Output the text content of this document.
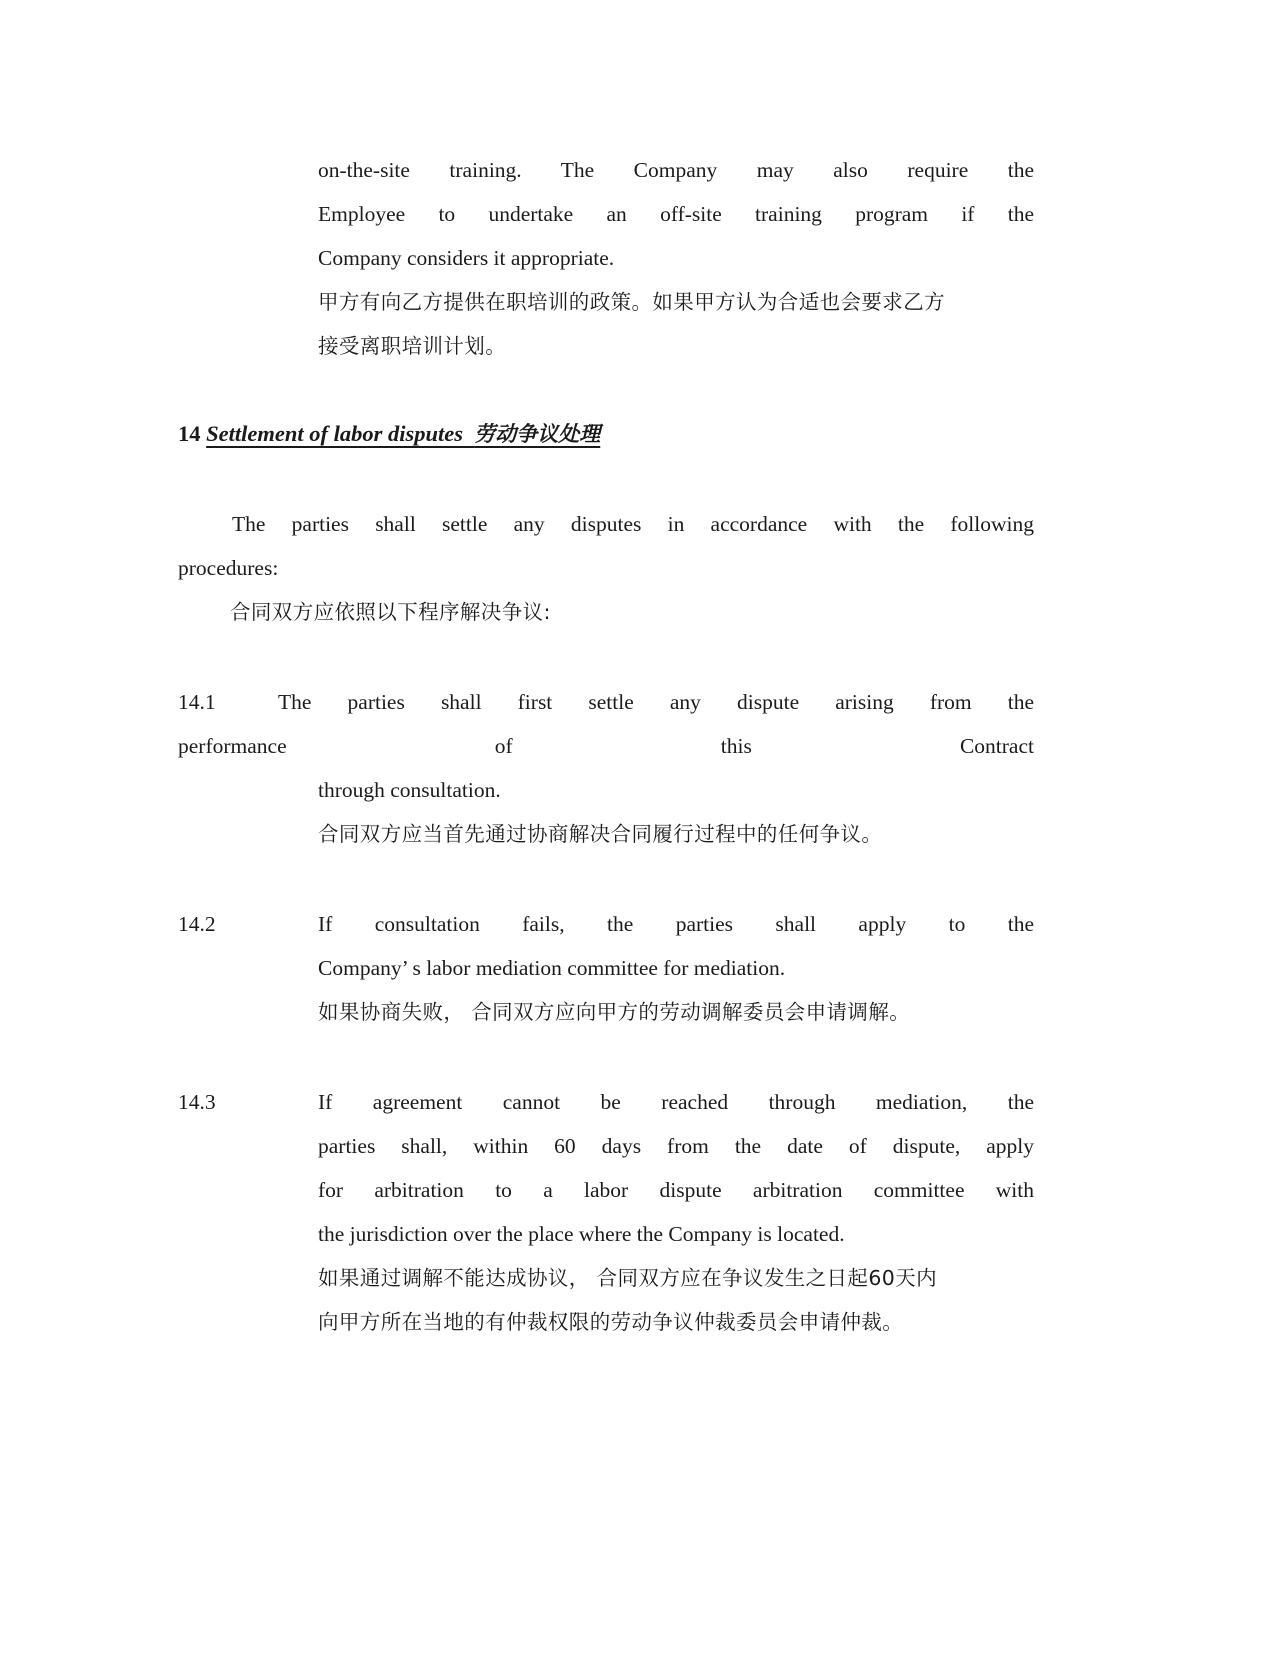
on-the-site training. The Company may also require the
Employee to undertake an off-site training program if the
Company considers it appropriate.
甲方有向乙方提供在职培训的政策。如果甲方认为合适也会要求乙方
接受离职培训计划。
14 Settlement of labor disputes 劳动争议处理
The parties shall settle any disputes in accordance with the following
procedures:
合同双方应依照以下程序解决争议:
14.1	The parties shall first settle any dispute arising from the
performance of this Contract
through consultation.
合同双方应当首先通过协商解决合同履行过程中的任何争议。
14.2	If consultation fails, the parties shall apply to the
Company’ s labor mediation committee for mediation.
如果协商失败， 合同双方应向甲方的劳动调解委员会申请调解。
14.3	If agreement cannot be reached through mediation, the
parties shall, within 60 days from the date of dispute, apply
for arbitration to a labor dispute arbitration committee with
the jurisdiction over the place where the Company is located.
如果通过调解不能达成协议， 合同双方应在争议发生之日起60天内
向甲方所在当地的有仲裁权限的劳动争议仲裁委员会申请仲裁。
